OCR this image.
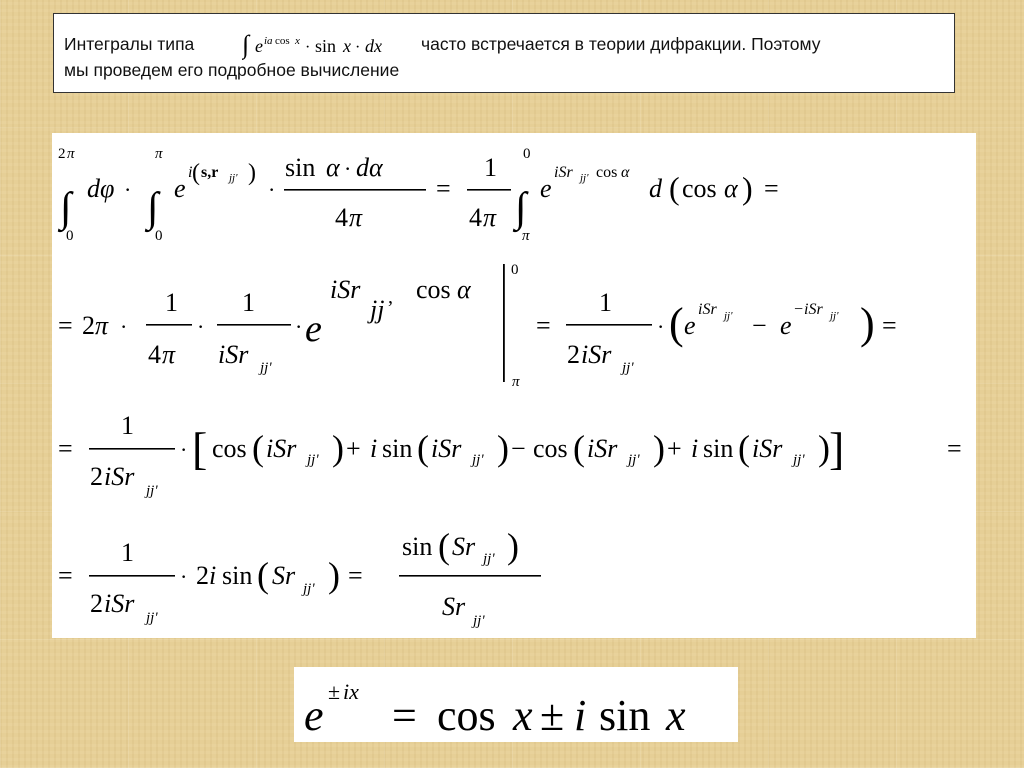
Интегралы типа ∫ e ia cos x · sin x · dx часто встречается в теории дифракции. Поэтому
мы проведем его подробное вычисление
2 π
∫
0
dφ ·
π
∫
0
e
i ( s,r jj' )
·
sin α · dα
4 π
=
1
4 π
0
∫
π
e
iSr jj' cos α
d ( cos α ) =
= 2 π ·
1
4 π
·
1
iSr jj'
· e
iSr
jj , cos α
0
π
=
1
2 iSr jj'
· ( e
iSr jj' − e
− iSr jj' ) =
=
1
2 iSr jj'
· [ cos ( iSr jj' ) + i sin ( iSr jj' ) − cos ( iSr jj' ) + i sin ( iSr jj' ) ]	=
=
1
2 iSr jj'
· 2 i sin ( Sr jj' ) =
sin ( Sr jj' )
Sr jj'
e ± ix = cos x ± i sin x
